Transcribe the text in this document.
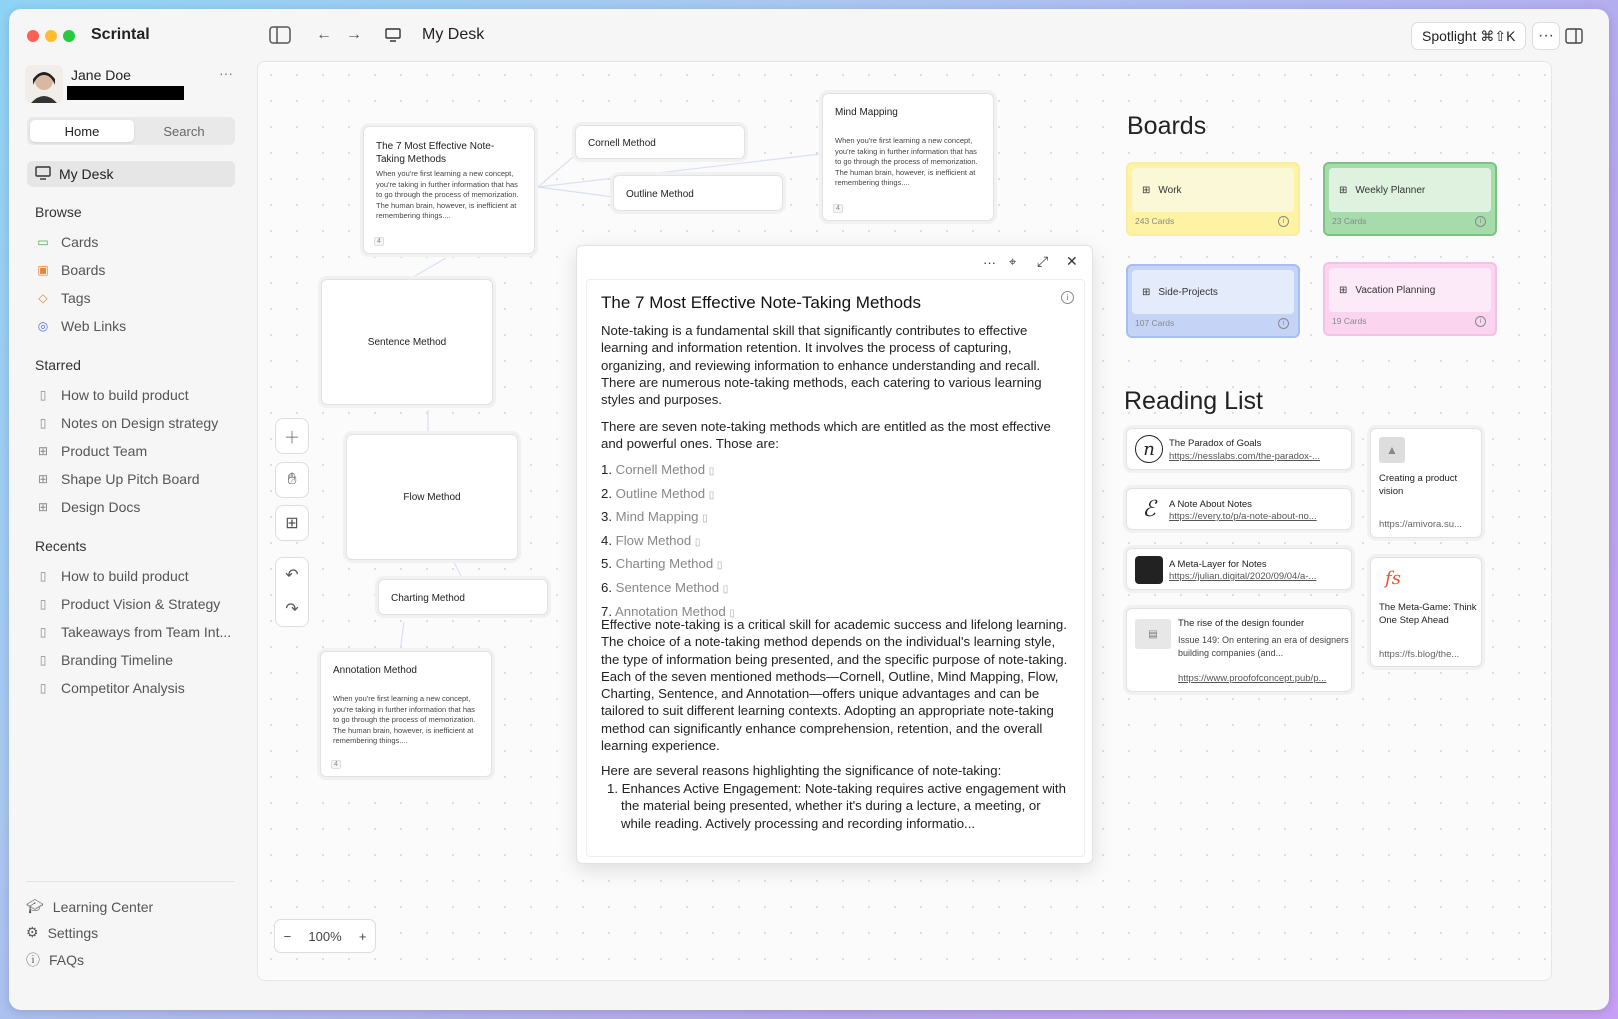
Scrintal	← →	My Desk	Spotlight ⌘⇧K	···
Jane Doe	···
Home	Search
My Desk
Browse
▭ Cards
▣ Boards
◇ Tags
◎ Web Links
Starred
▯	How to build product
▯	Notes on Design strategy
⊞ Product Team
⊞ Shape Up Pitch Board
⊞ Design Docs
Recents
▯	How to build product
▯	Product Vision & Strategy
▯	Takeaways from Team Int...
▯	Branding Timeline
▯	Competitor Analysis
🎓︎ Learning Center
⚙ Settings
ⓘ FAQs
The 7 Most Effective Note-Taking Methods
When you're first learning a new concept, you're taking in further information that has to go through the process of memorization.
The human brain, however, is inefficient at remembering things....
4
Cornell Method
Outline Method
Mind Mapping
When you're first learning a new concept, you're taking in further information that has to go through the process of memorization.
The human brain, however, is inefficient at remembering things....
4
Sentence Method
Flow Method
Charting Method
Annotation Method
When you're first learning a new concept, you're taking in further information that has to go through the process of memorization.
The human brain, however, is inefficient at remembering things....
4
＋
✋︎
⊞
↶
↷
− 100% +
··· ⌖ ⤢ ✕
The 7 Most Effective Note-Taking Methods	i
Note-taking is a fundamental skill that significantly contributes to effective learning and information retention. It involves the process of capturing, organizing, and reviewing information to enhance understanding and recall. There are numerous note-taking methods, each catering to various learning styles and purposes.
There are seven note-taking methods which are entitled as the most effective and powerful ones. Those are:
1. Cornell Method ▯
2. Outline Method ▯
3. Mind Mapping ▯
4. Flow Method ▯
5. Charting Method ▯
6. Sentence Method ▯
7. Annotation Method ▯
Effective note-taking is a critical skill for academic success and lifelong learning. The choice of a note-taking method depends on the individual's learning style, the type of information being presented, and the specific purpose of note-taking. Each of the seven mentioned methods—Cornell, Outline, Mind Mapping, Flow, Charting, Sentence, and Annotation—offers unique advantages and can be tailored to suit different learning contexts. Adopting an appropriate note-taking method can significantly enhance comprehension, retention, and the overall learning experience.
Here are several reasons highlighting the significance of note-taking:
1. Enhances Active Engagement: Note-taking requires active engagement with the material being presented, whether it's during a lecture, a meeting, or while reading. Actively processing and recording informatio...
Boards
⊞ Work
243 Cards	i
⊞ Weekly Planner
23 Cards	i
⊞ Side-Projects
107 Cards	i
⊞ Vacation Planning
19 Cards	i
Reading List
n	The Paradox of Goals
https://nesslabs.com/the-paradox-...
ℰ	A Note About Notes
https://every.to/p/a-note-about-no...
A Meta-Layer for Notes
https://julian.digital/2020/09/04/a-...
▤
The rise of the design founder
Issue 149: On entering an era of designers building companies (and...
https://www.proofofconcept.pub/p...
▲
Creating a product vision
https://amivora.su...
fs
The Meta-Game: Think One Step Ahead
https://fs.blog/the...
